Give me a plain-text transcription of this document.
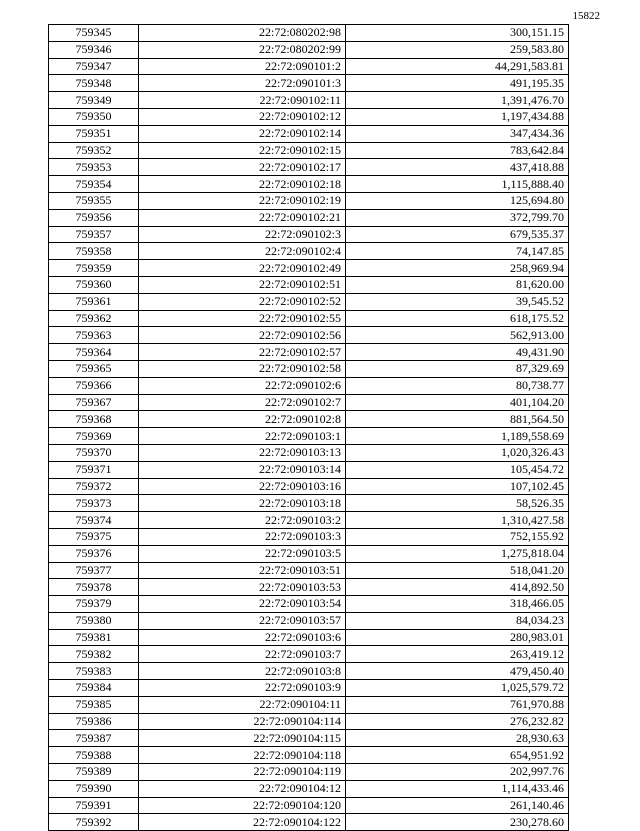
15822
759345	22:72:080202:98	300,151.15
759346	22:72:080202:99	259,583.80
759347	22:72:090101:2	44,291,583.81
759348	22:72:090101:3	491,195.35
759349	22:72:090102:11	1,391,476.70
759350	22:72:090102:12	1,197,434.88
759351	22:72:090102:14	347,434.36
759352	22:72:090102:15	783,642.84
759353	22:72:090102:17	437,418.88
759354	22:72:090102:18	1,115,888.40
759355	22:72:090102:19	125,694.80
759356	22:72:090102:21	372,799.70
759357	22:72:090102:3	679,535.37
759358	22:72:090102:4	74,147.85
759359	22:72:090102:49	258,969.94
759360	22:72:090102:51	81,620.00
759361	22:72:090102:52	39,545.52
759362	22:72:090102:55	618,175.52
759363	22:72:090102:56	562,913.00
759364	22:72:090102:57	49,431.90
759365	22:72:090102:58	87,329.69
759366	22:72:090102:6	80,738.77
759367	22:72:090102:7	401,104.20
759368	22:72:090102:8	881,564.50
759369	22:72:090103:1	1,189,558.69
759370	22:72:090103:13	1,020,326.43
759371	22:72:090103:14	105,454.72
759372	22:72:090103:16	107,102.45
759373	22:72:090103:18	58,526.35
759374	22:72:090103:2	1,310,427.58
759375	22:72:090103:3	752,155.92
759376	22:72:090103:5	1,275,818.04
759377	22:72:090103:51	518,041.20
759378	22:72:090103:53	414,892.50
759379	22:72:090103:54	318,466.05
759380	22:72:090103:57	84,034.23
759381	22:72:090103:6	280,983.01
759382	22:72:090103:7	263,419.12
759383	22:72:090103:8	479,450.40
759384	22:72:090103:9	1,025,579.72
759385	22:72:090104:11	761,970.88
759386	22:72:090104:114	276,232.82
759387	22:72:090104:115	28,930.63
759388	22:72:090104:118	654,951.92
759389	22:72:090104:119	202,997.76
759390	22:72:090104:12	1,114,433.46
759391	22:72:090104:120	261,140.46
759392	22:72:090104:122	230,278.60
